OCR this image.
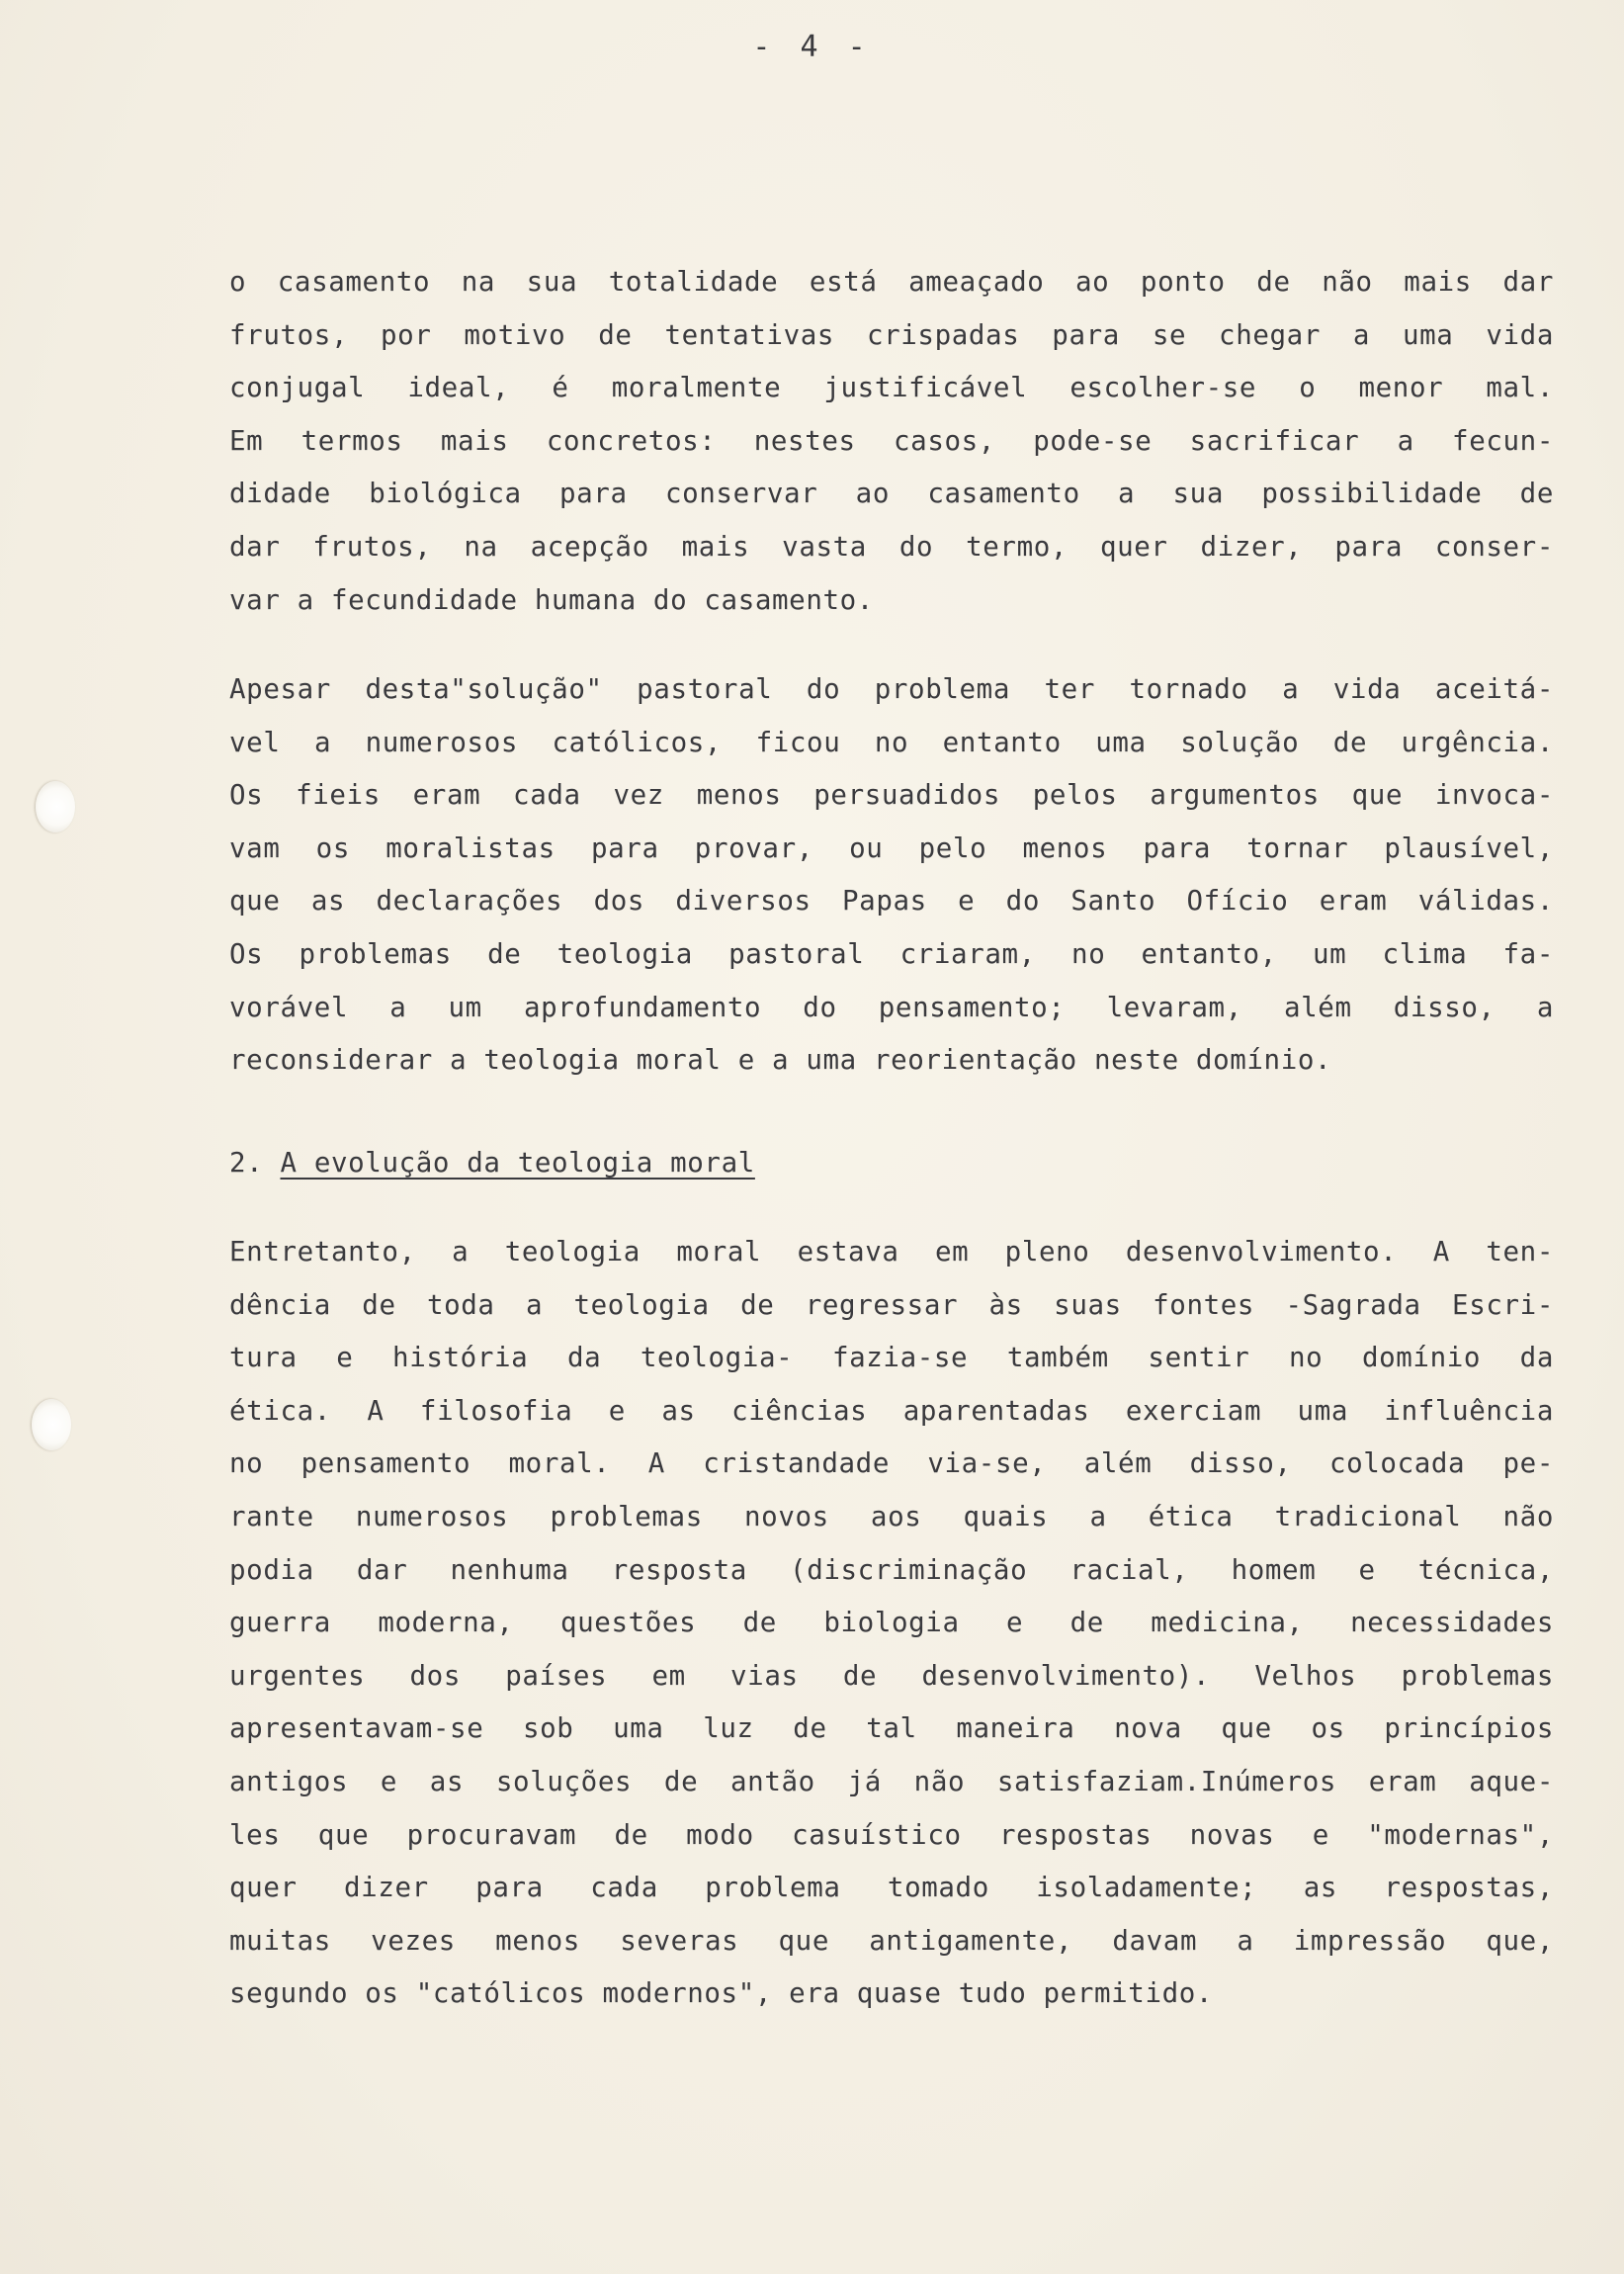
- 4 -
o casamento na sua totalidade está ameaçado ao ponto de não mais dar
frutos, por motivo de tentativas crispadas para se chegar a uma vida
conjugal ideal, é moralmente justificável escolher-se o menor mal.
Em termos mais concretos: nestes casos, pode-se sacrificar a fecun-
didade biológica para conservar ao casamento a sua possibilidade de
dar frutos, na acepção mais vasta do termo, quer dizer, para conser-
var a fecundidade humana do casamento.
Apesar desta"solução" pastoral do problema ter tornado a vida aceitá-
vel a numerosos católicos, ficou no entanto uma solução de urgência.
Os fieis eram cada vez menos persuadidos pelos argumentos que invoca-
vam os moralistas para provar, ou pelo menos para tornar plausível,
que as declarações dos diversos Papas e do Santo Ofício eram válidas.
Os problemas de teologia pastoral criaram, no entanto, um clima fa-
vorável a um aprofundamento do pensamento; levaram, além disso, a
reconsiderar a teologia moral e a uma reorientação neste domínio.
2. A evolução da teologia moral
Entretanto, a teologia moral estava em pleno desenvolvimento. A ten-
dência de toda a teologia de regressar às suas fontes -Sagrada Escri-
tura e história da teologia- fazia-se também sentir no domínio da
ética. A filosofia e as ciências aparentadas exerciam uma influência
no pensamento moral. A cristandade via-se, além disso, colocada pe-
rante numerosos problemas novos aos quais a ética tradicional não
podia dar nenhuma resposta (discriminação racial, homem e técnica,
guerra moderna, questões de biologia e de medicina, necessidades
urgentes dos países em vias de desenvolvimento). Velhos problemas
apresentavam-se sob uma luz de tal maneira nova que os princípios
antigos e as soluções de antão já não satisfaziam.Inúmeros eram aque-
les que procuravam de modo casuístico respostas novas e "modernas",
quer dizer para cada problema tomado isoladamente; as respostas,
muitas vezes menos severas que antigamente, davam a impressão que,
segundo os "católicos modernos", era quase tudo permitido.
